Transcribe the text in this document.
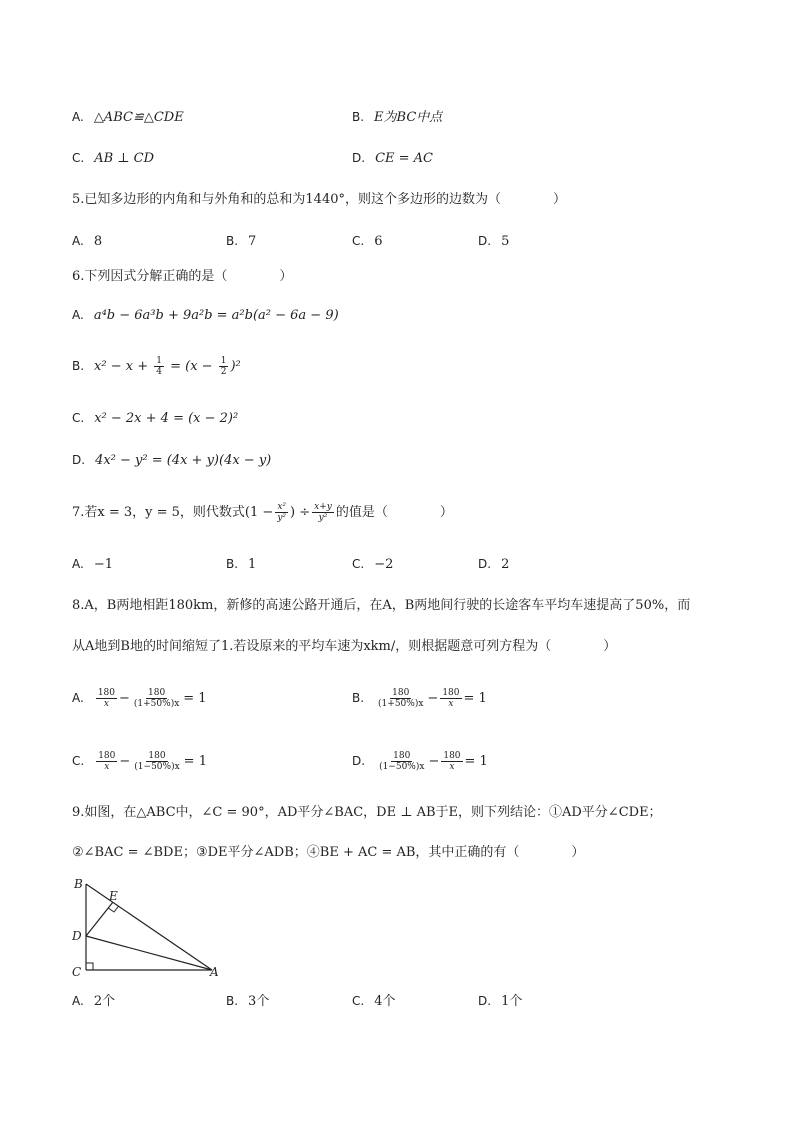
A. △ABC≌△CDE	B. E为BC中点
C. AB ⊥ CD	D. CE = AC
5.已知多边形的内角和与外角和的总和为1440°，则这个多边形的边数为（　　　　）
A. 8	B. 7	C. 6	D. 5
6.下列因式分解正确的是（　　　　）
A. a⁴b − 6a³b + 9a²b = a²b(a² − 6a − 9)
B. $x^2 - x + \frac{1}{4} = (x - \frac{1}{2} )^2$
C. x² − 2x + 4 = (x − 2)²
D. 4x² − y² = (4x + y)(4x − y)
7.若x = 3，y = 5，则代数式($1 - \frac{\text{x²}}{\text{y²}}$ ) ÷ $\frac{x+y}{\text{y²}}$ 的值是（　　　　）
A. −1	B. 1	C. −2	D. 2
8.A，B两地相距180km，新修的高速公路开通后，在A，B两地间行驶的长途客车平均车速提高了50%，而
从A地到B地的时间缩短了1.若设原来的平均车速为xkm/，则根据题意可列方程为（　　　　）
A. $\frac{180}{x} - \frac{180}{(1+50\%)x} = 1$	B. $\frac{180}{(1+50\%)x} - \frac{180}{x} = 1$
C. $\frac{180}{x} - \frac{180}{(1-50\%)x} = 1$	D. $\frac{180}{(1-50\%)x} - \frac{180}{x} = 1$
9.如图，在△ABC中，∠C = 90°，AD平分∠BAC，DE ⊥ AB于E，则下列结论：①AD平分∠CDE；
②∠BAC = ∠BDE；③DE平分∠ADB；④BE + AC = AB，其中正确的有（　　　　）
B
E
D
C	A
A. 2个	B. 3个	C. 4个	D. 1个
